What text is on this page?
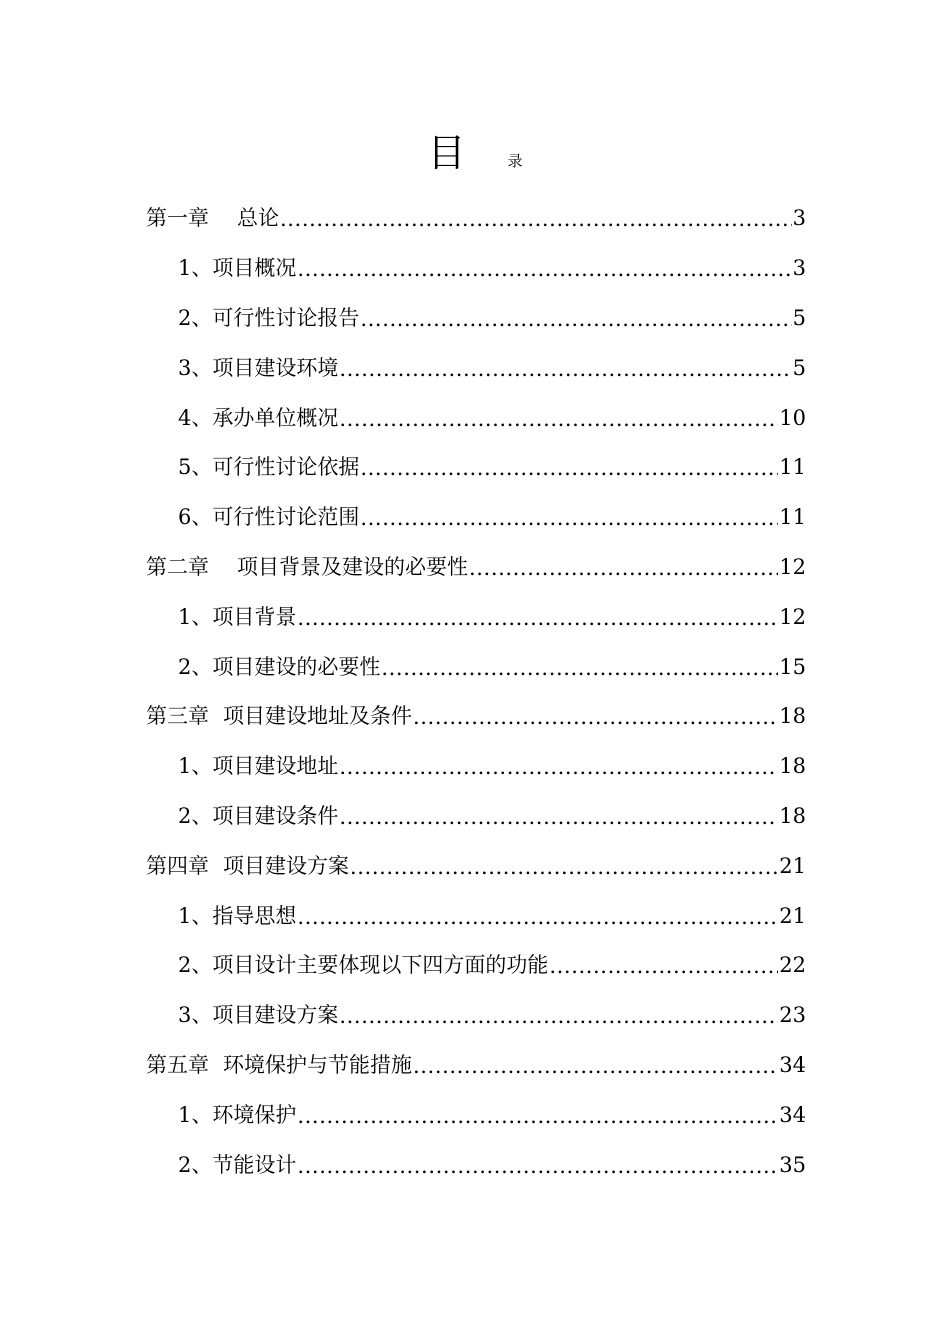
目	录
第一章 总论 .....	3
1、项目概况 .....	3
2、可行性讨论报告 .....	5
3、项目建设环境 .....	5
4、承办单位概况 .....	10
5、可行性讨论依据 .....	11
6、可行性讨论范围 .....	11
第二章 项目背景及建设的必要性 .....	12
1、项目背景 .....	12
2、项目建设的必要性 .....	15
第三章 项目建设地址及条件 .....	18
1、项目建设地址 .....	18
2、项目建设条件 .....	18
第四章 项目建设方案 .....	21
1、指导思想 .....	21
2、项目设计主要体现以下四方面的功能 .....	22
3、项目建设方案 .....	23
第五章 环境保护与节能措施 .....	34
1、环境保护 .....	34
2、节能设计 .....	35
